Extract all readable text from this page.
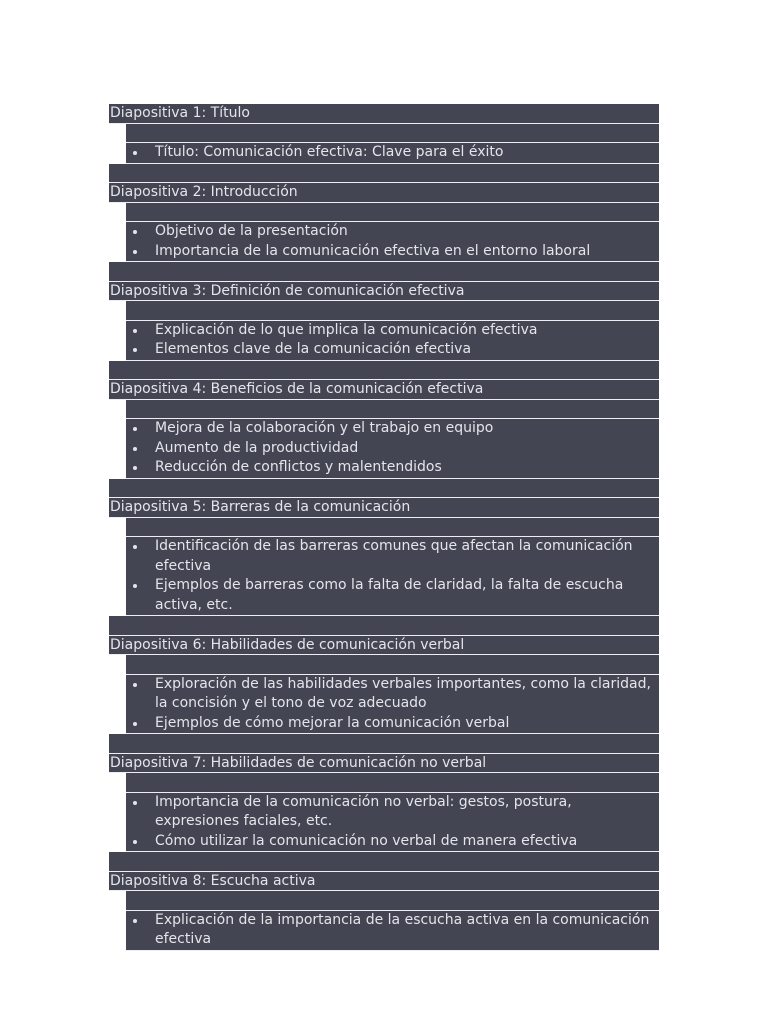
Diapositiva 1: Título
Título: Comunicación efectiva: Clave para el éxito
Diapositiva 2: Introducción
Objetivo de la presentación
Importancia de la comunicación efectiva en el entorno laboral
Diapositiva 3: Definición de comunicación efectiva
Explicación de lo que implica la comunicación efectiva
Elementos clave de la comunicación efectiva
Diapositiva 4: Beneficios de la comunicación efectiva
Mejora de la colaboración y el trabajo en equipo
Aumento de la productividad
Reducción de conflictos y malentendidos
Diapositiva 5: Barreras de la comunicación
Identificación de las barreras comunes que afectan la comunicación efectiva
Ejemplos de barreras como la falta de claridad, la falta de escucha activa, etc.
Diapositiva 6: Habilidades de comunicación verbal
Exploración de las habilidades verbales importantes, como la claridad, la concisión y el tono de voz adecuado
Ejemplos de cómo mejorar la comunicación verbal
Diapositiva 7: Habilidades de comunicación no verbal
Importancia de la comunicación no verbal: gestos, postura, expresiones faciales, etc.
Cómo utilizar la comunicación no verbal de manera efectiva
Diapositiva 8: Escucha activa
Explicación de la importancia de la escucha activa en la comunicación efectiva
